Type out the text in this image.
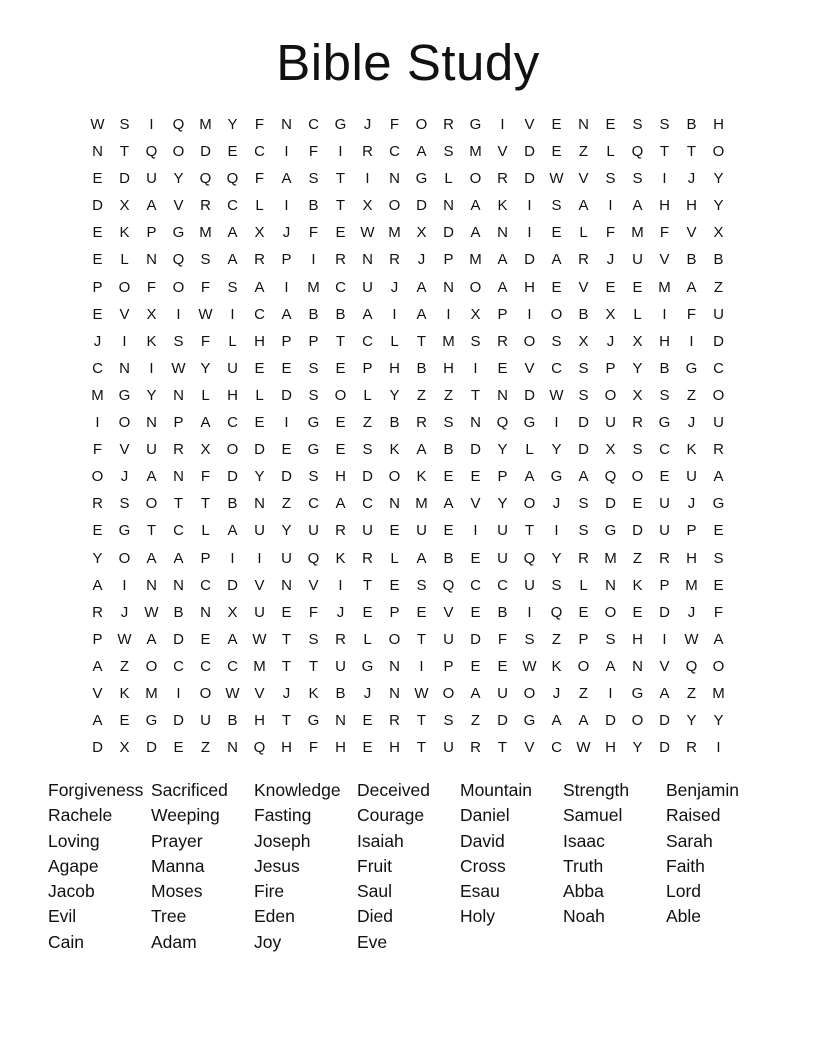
Bible Study
W S	I	Q M	Y	F	N	C	G	J	F	O	R	G	I	V	E	N	E	S	S	B	H
N	T	Q	O	D	E	C	I	F	I	R	C	A	S	M	V	D	E	Z	L	Q	T	T	O
E	D	U	Y	Q	Q	F	A	S	T	I	N	G	L	O	R	D W V	S	S	I	J	Y
D	X	A	V	R	C	L	I	B	T	X	O	D	N	A	K	I	S	A	I	A	H	H	Y
E	K	P	G M	A	X	J	F	E W M	X	D	A	N	I	E	L	F	M	F	V	X
E	L	N	Q	S	A	R	P	I	R	N	R	J	P	M	A	D	A	R	J	U	V	B	B
P	O	F	O	F	S	A	I	M	C	U	J	A	N	O	A	H	E	V	E	E	M	A	Z
E	V	X	I	W	I	C	A	B	B	A	I	A	I	X	P	I	O	B	X	L	I	F	U
J	I	K	S	F	L	H	P	P	T	C	L	T	M	S	R	O	S	X	J	X	H	I	D
C	N	I	W Y	U	E	E	S	E	P	H	B	H	I	E	V	C	S	P	Y	B	G	C
M G	Y	N	L	H	L	D	S	O	L	Y	Z	Z	T	N	D W S	O	X	S	Z	O
I	O	N	P	A	C	E	I	G	E	Z	B	R	S	N	Q	G	I	D	U	R	G	J	U
F	V	U	R	X	O	D	E	G	E	S	K	A	B	D	Y	L	Y	D	X	S	C	K	R
O	J	A	N	F	D	Y	D	S	H	D	O	K	E	E	P	A	G	A	Q	O	E	U	A
R	S	O	T	T	B	N	Z	C	A	C	N	M	A	V	Y	O	J	S	D	E	U	J	G
E	G	T	C	L	A	U	Y	U	R	U	E	U	E	I	U	T	I	S	G	D	U	P	E
Y	O	A	A	P	I	I	U	Q	K	R	L	A	B	E	U	Q	Y	R	M	Z	R	H	S
A	I	N	N	C	D	V	N	V	I	T	E	S	Q	C	C	U	S	L	N	K	P	M	E
R	J	W B	N	X	U	E	F	J	E	P	E	V	E	B	I	Q	E	O	E	D	J	F
P W A	D	E	A W	T	S	R	L	O	T	U	D	F	S	Z	P	S	H	I	W A
A	Z	O	C	C	C	M	T	T	U	G	N	I	P	E	E W K	O	A	N	V	Q	O
V	K	M	I	O W V	J	K	B	J	N W O	A	U	O	J	Z	I	G	A	Z	M
A	E	G	D	U	B	H	T	G	N	E	R	T	S	Z	D	G	A	A	D	O	D	Y	Y
D	X	D	E	Z	N	Q	H	F	H	E	H	T	U	R	T	V	C W H	Y	D	R	I
Forgiveness Sacrificed	Knowledge Deceived	Mountain	Strength	Benjamin
Rachele	Weeping	Fasting	Courage	Daniel	Samuel	Raised
Loving	Prayer	Joseph	Isaiah	David	Isaac	Sarah
Agape	Manna	Jesus	Fruit	Cross	Truth	Faith
Jacob	Moses	Fire	Saul	Esau	Abba	Lord
Evil	Tree	Eden	Died	Holy	Noah	Able
Cain	Adam	Joy	Eve
